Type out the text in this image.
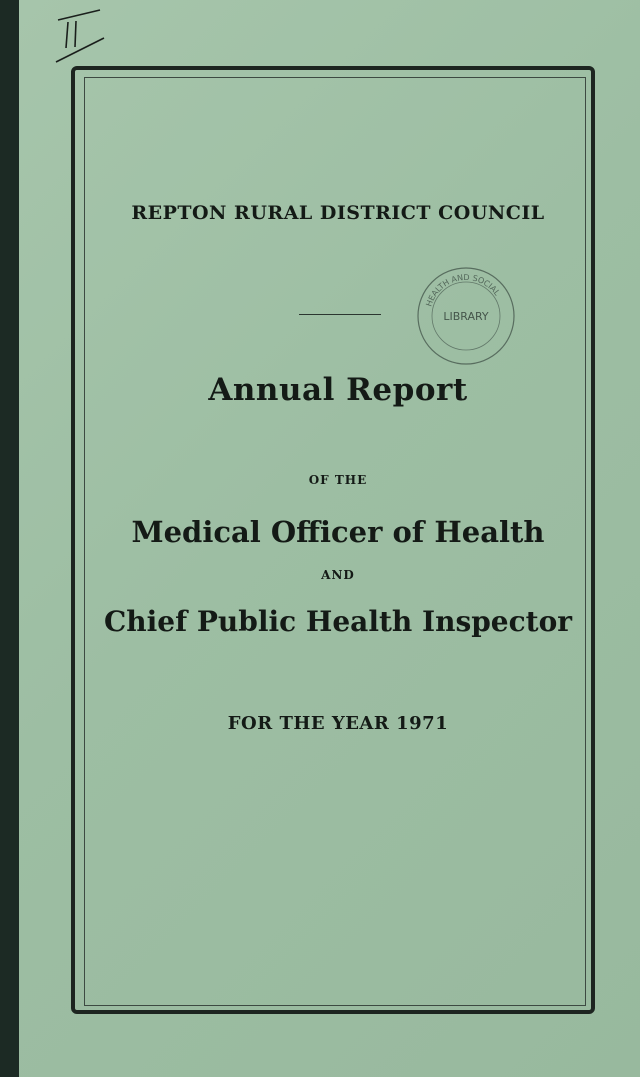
REPTON RURAL DISTRICT COUNCIL
HEALTH AND SOCIAL
LIBRARY
Annual Report
OF THE
Medical Officer of Health
AND
Chief Public Health Inspector
FOR THE YEAR 1971
